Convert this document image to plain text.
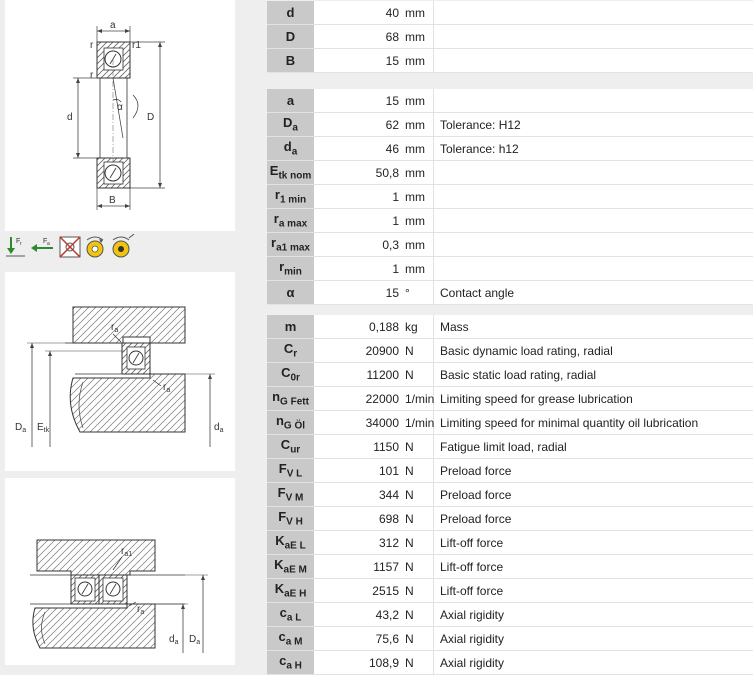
a
r	r1
r
α
d	D
B
F r	F a
$r_a$
$r_a$
$D_a$ $E_{tk}$	$d_a$
$r_{a1}$
$r_a$
$d_a$ $D_a$
d	40	mm	
D	68	mm	
B	15	mm	
a	15	mm	
$D_a$	62	mm	Tolerance: H12
$d_a$	46	mm	Tolerance: h12
$E_{tk nom}$	50,8	mm	
$r_{1 min}$	1	mm	
$r_{a max}$	1	mm	
$r_{a1 max}$	0,3	mm	
$r_{min}$	1	mm	
α	15	°	Contact angle
m	0,188	kg	Mass
$C_r$	20900	N	Basic dynamic load rating, radial
$C_{0r}$	11200	N	Basic static load rating, radial
$n_{G Fett}$	22000	1/min	Limiting speed for grease lubrication
$n_{G Öl}$	34000	1/min	Limiting speed for minimal quantity oil lubrication
$C_{ur}$	1150	N	Fatigue limit load, radial
$F_{V L}$	101	N	Preload force
$F_{V M}$	344	N	Preload force
$F_{V H}$	698	N	Preload force
$K_{aE L}$	312	N	Lift-off force
$K_{aE M}$	1157	N	Lift-off force
$K_{aE H}$	2515	N	Lift-off force
$c_{a L}$	43,2	N	Axial rigidity
$c_{a M}$	75,6	N	Axial rigidity
$c_{a H}$	108,9	N	Axial rigidity
